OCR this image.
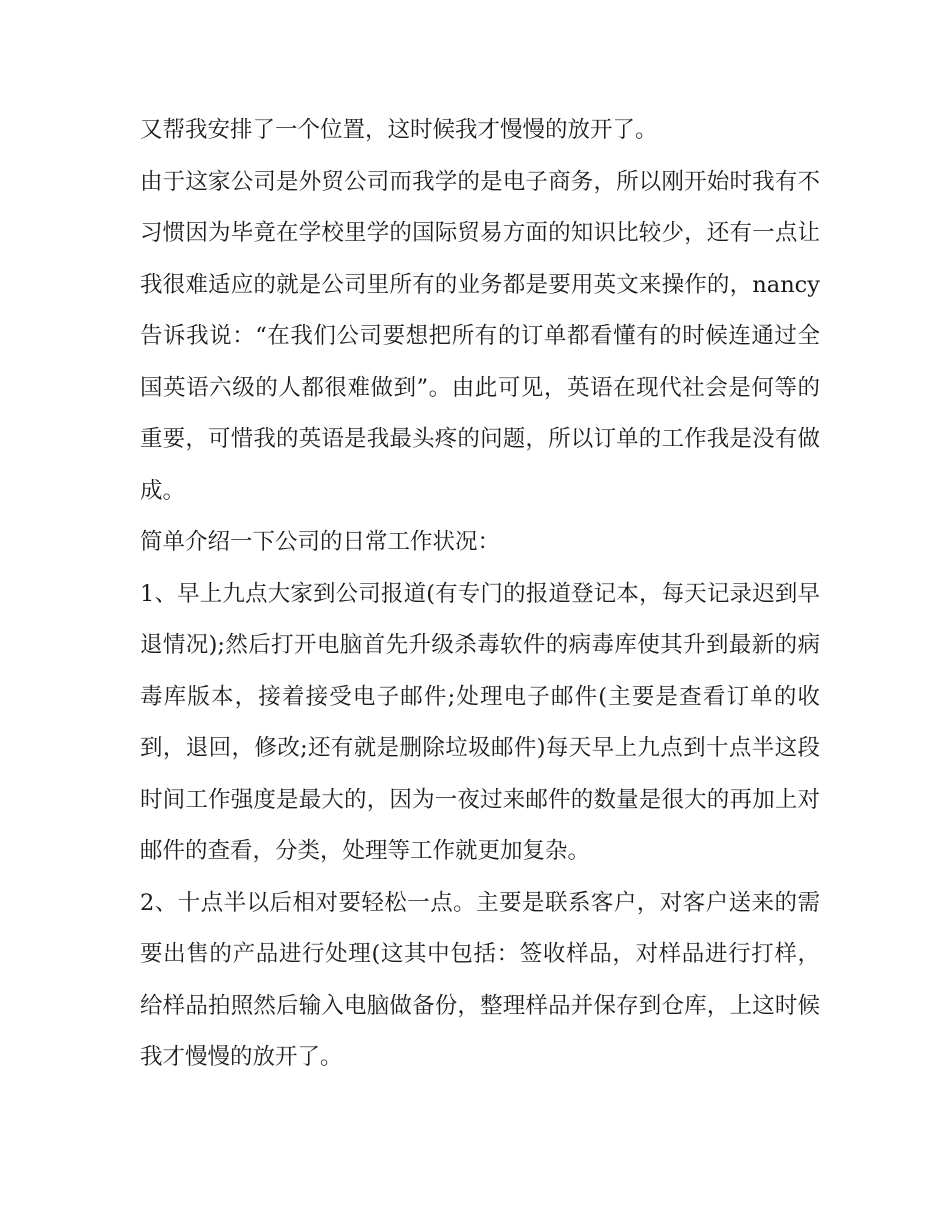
又帮我安排了一个位置，这时候我才慢慢的放开了。

由于这家公司是外贸公司而我学的是电子商务，所以刚开始时我有不习惯因为毕竟在学校里学的国际贸易方面的知识比较少，还有一点让我很难适应的就是公司里所有的业务都是要用英文来操作的，nancy 告诉我说：“在我们公司要想把所有的订单都看懂有的时候连通过全国英语六级的人都很难做到”。由此可见，英语在现代社会是何等的重要，可惜我的英语是我最头疼的问题，所以订单的工作我是没有做成。

简单介绍一下公司的日常工作状况：

1、早上九点大家到公司报道(有专门的报道登记本，每天记录迟到早退情况);然后打开电脑首先升级杀毒软件的病毒库使其升到最新的病毒库版本，接着接受电子邮件;处理电子邮件(主要是查看订单的收到，退回，修改;还有就是删除垃圾邮件)每天早上九点到十点半这段时间工作强度是最大的，因为一夜过来邮件的数量是很大的再加上对邮件的查看，分类，处理等工作就更加复杂。

2、十点半以后相对要轻松一点。主要是联系客户，对客户送来的需要出售的产品进行处理(这其中包括：签收样品，对样品进行打样，给样品拍照然后输入电脑做备份，整理样品并保存到仓库，上这时候我才慢慢的放开了。
